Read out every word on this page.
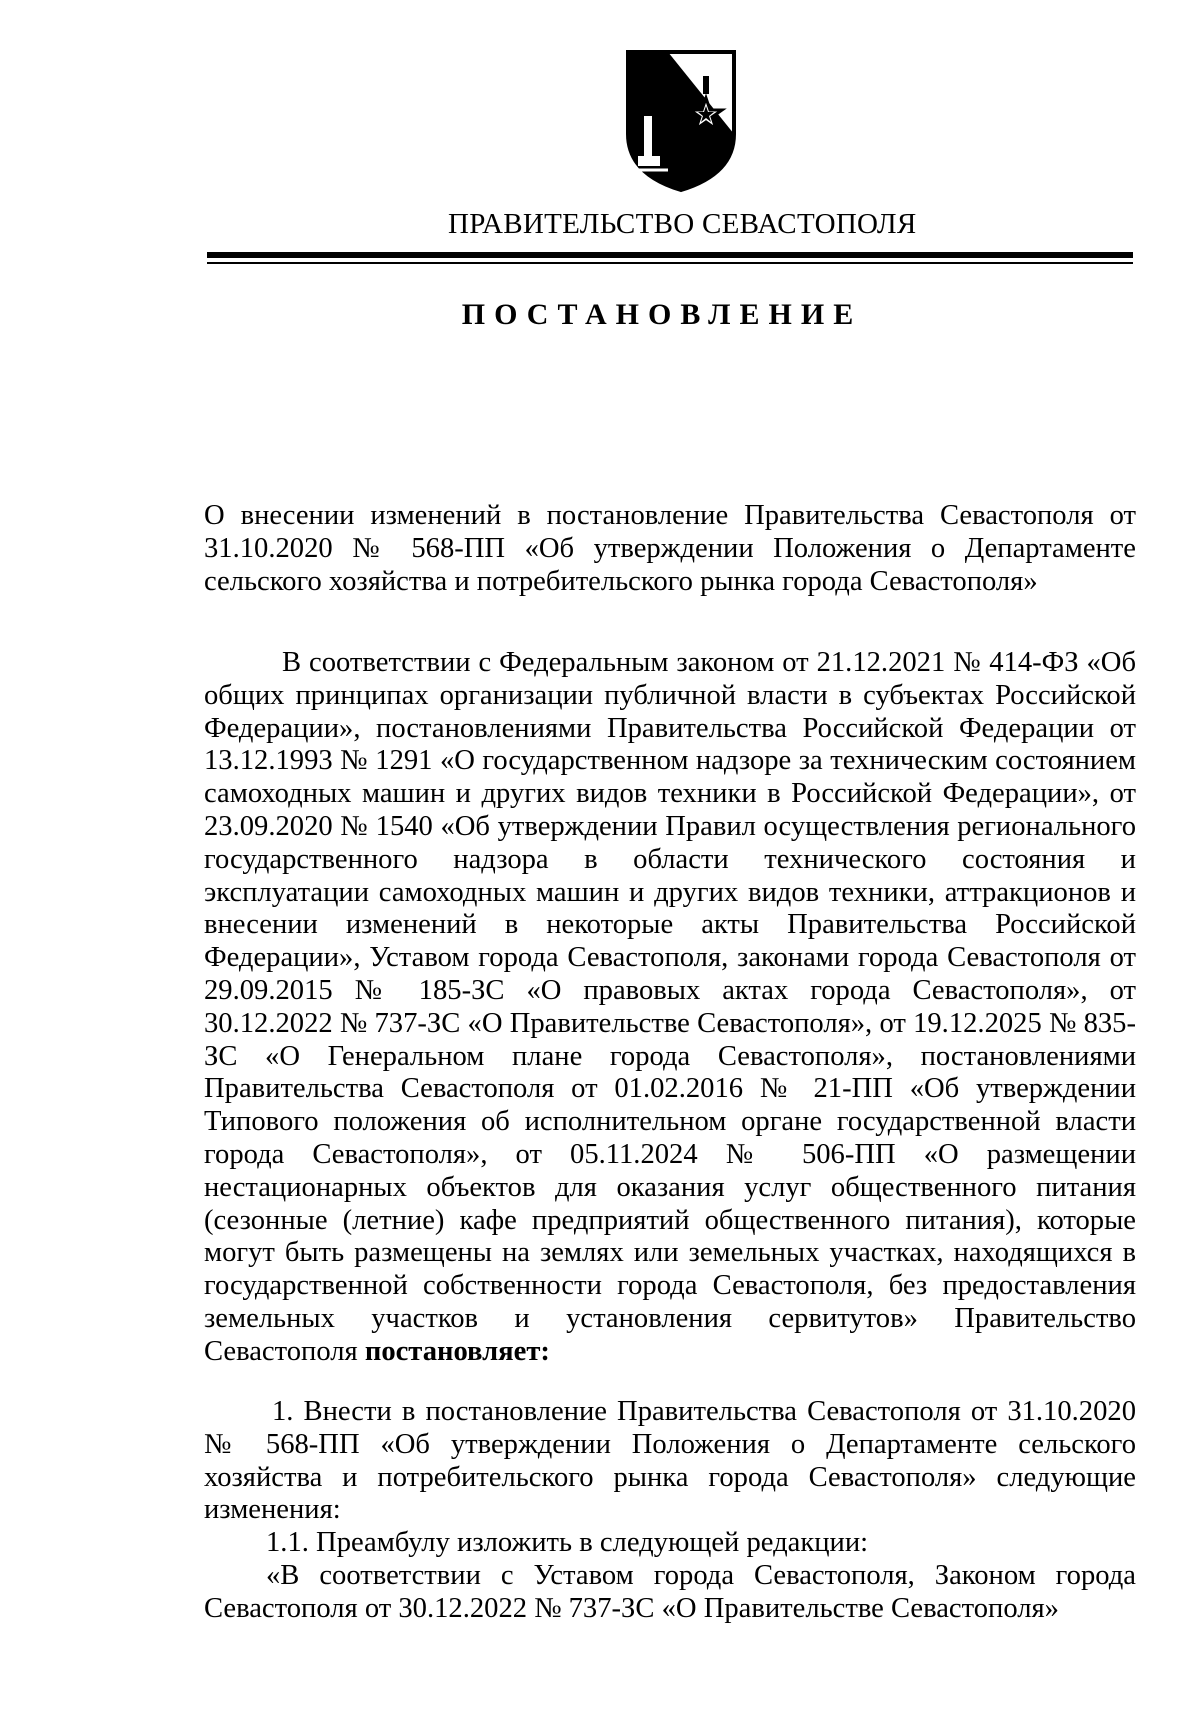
ПРАВИТЕЛЬСТВО СЕВАСТОПОЛЯ
ПОСТАНОВЛЕНИЕ

О внесении изменений в постановление Правительства Севастополя от 31.10.2020 № 568-ПП «Об утверждении Положения о Департаменте сельского хозяйства и потребительского рынка города Севастополя»

В соответствии с Федеральным законом от 21.12.2021 № 414-ФЗ «Об общих принципах организации публичной власти в субъектах Российской Федерации», постановлениями Правительства Российской Федерации от 13.12.1993 № 1291 «О государственном надзоре за техническим состоянием самоходных машин и других видов техники в Российской Федерации», от 23.09.2020 № 1540 «Об утверждении Правил осуществления регионального государственного надзора в области технического состояния и эксплуатации самоходных машин и других видов техники, аттракционов и внесении изменений в некоторые акты Правительства Российской Федерации», Уставом города Севастополя, законами города Севастополя от 29.09.2015 № 185-ЗС «О правовых актах города Севастополя», от 30.12.2022 № 737-ЗС «О Правительстве Севастополя», от 19.12.2025 № 835-ЗС «О Генеральном плане города Севастополя», постановлениями Правительства Севастополя от 01.02.2016 № 21-ПП «Об утверждении Типового положения об исполнительном органе государственной власти города Севастополя», от 05.11.2024 № 506-ПП «О размещении нестационарных объектов для оказания услуг общественного питания (сезонные (летние) кафе предприятий общественного питания), которые могут быть размещены на землях или земельных участках, находящихся в государственной собственности города Севастополя, без предоставления земельных участков и установления сервитутов» Правительство Севастополя постановляет:

1. Внести в постановление Правительства Севастополя от 31.10.2020 № 568-ПП «Об утверждении Положения о Департаменте сельского хозяйства и потребительского рынка города Севастополя» следующие изменения:

1.1. Преамбулу изложить в следующей редакции:

«В соответствии с Уставом города Севастополя, Законом города Севастополя от 30.12.2022 № 737-ЗС «О Правительстве Севастополя»
